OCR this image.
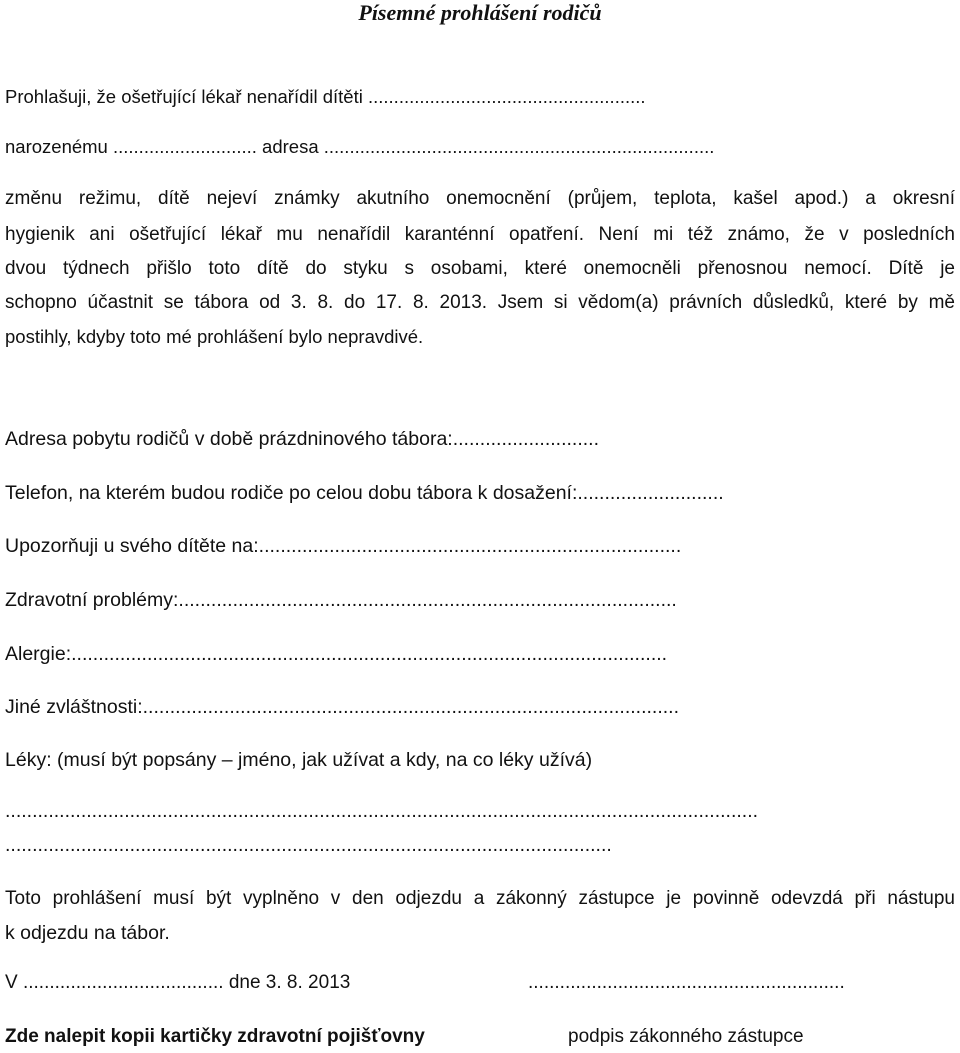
Písemné prohlášení rodičů
Prohlašuji, že ošetřující lékař nenařídil dítěti ......................................................
narozenému ............................ adresa ............................................................................
změnu režimu, dítě nejeví známky akutního onemocnění (průjem, teplota, kašel apod.) a okresní
hygienik ani ošetřující lékař mu nenařídil karanténní opatření. Není mi též známo, že v posledních
dvou týdnech přišlo toto dítě do styku s osobami, které onemocněli přenosnou nemocí. Dítě je
schopno účastnit se tábora od 3. 8. do 17. 8. 2013. Jsem si vědom(a) právních důsledků, které by mě
postihly, kdyby toto mé prohlášení bylo nepravdivé.
Adresa pobytu rodičů v době prázdninového tábora:...........................
Telefon, na kterém budou rodiče po celou dobu tábora k dosažení:...........................
Upozorňuji u svého dítěte na:..............................................................................
Zdravotní problémy:............................................................................................
Alergie:..............................................................................................................
Jiné zvláštnosti:...................................................................................................
Léky: (musí být popsány – jméno, jak užívat a kdy, na co léky užívá)
...........................................................................................................................................
................................................................................................................
Toto prohlášení musí být vyplněno v den odjezdu a zákonný zástupce je povinně odevzdá při nástupu
k odjezdu na tábor.
V ...................................... dne 3. 8. 2013	............................................................
Zde nalepit kopii kartičky zdravotní pojišťovny	podpis zákonného zástupce
